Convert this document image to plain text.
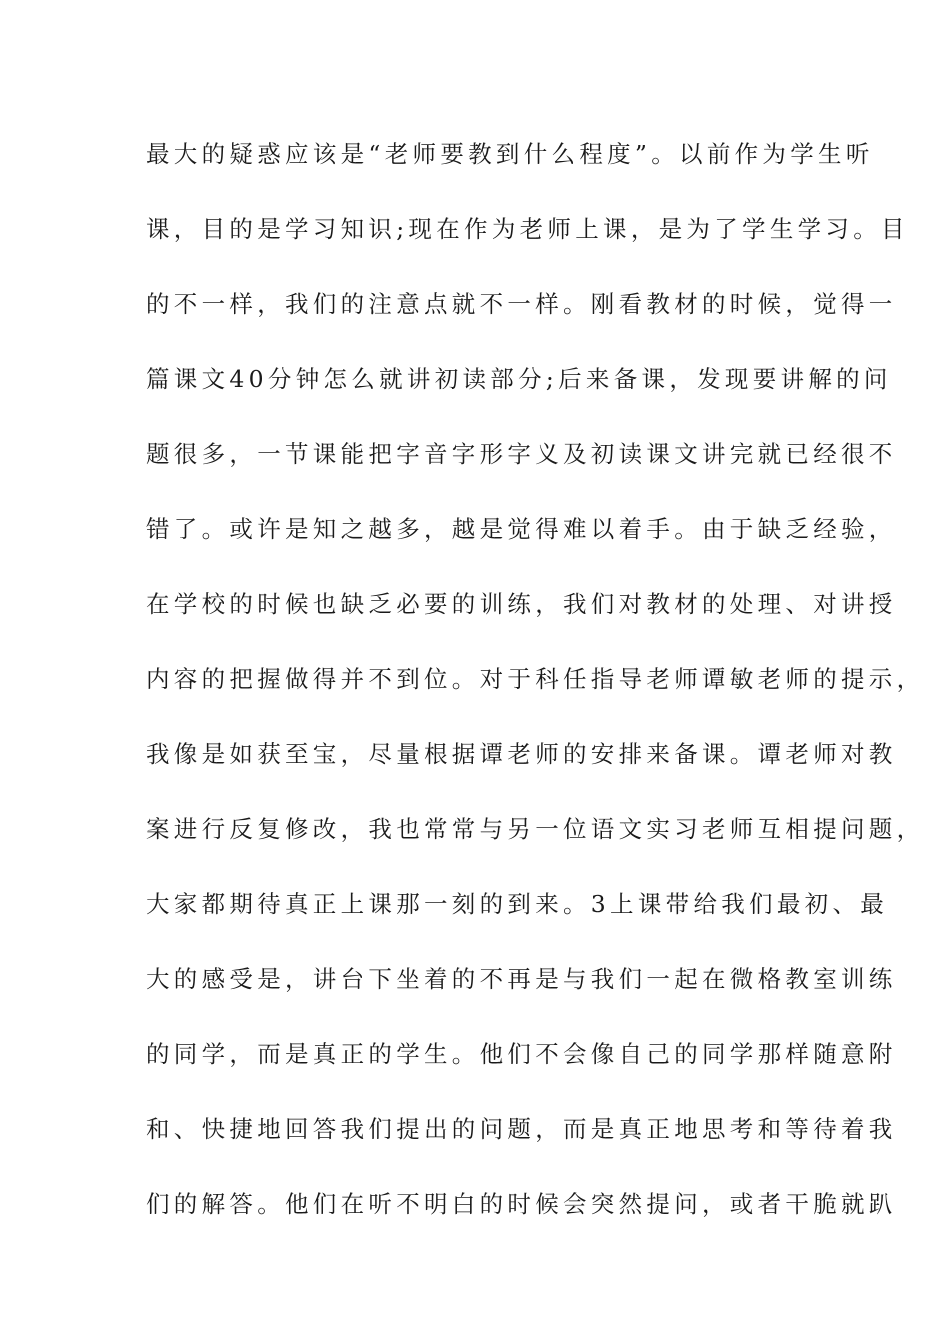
最大的疑惑应该是“老师要教到什么程度”。以前作为学生听
课，目的是学习知识;现在作为老师上课，是为了学生学习。目
的不一样，我们的注意点就不一样。刚看教材的时候，觉得一
篇课文40分钟怎么就讲初读部分;后来备课，发现要讲解的问
题很多，一节课能把字音字形字义及初读课文讲完就已经很不
错了。或许是知之越多，越是觉得难以着手。由于缺乏经验，
在学校的时候也缺乏必要的训练，我们对教材的处理、对讲授
内容的把握做得并不到位。对于科任指导老师谭敏老师的提示，
我像是如获至宝，尽量根据谭老师的安排来备课。谭老师对教
案进行反复修改，我也常常与另一位语文实习老师互相提问题，
大家都期待真正上课那一刻的到来。3上课带给我们最初、最
大的感受是，讲台下坐着的不再是与我们一起在微格教室训练
的同学，而是真正的学生。他们不会像自己的同学那样随意附
和、快捷地回答我们提出的问题，而是真正地思考和等待着我
们的解答。他们在听不明白的时候会突然提问，或者干脆就趴
